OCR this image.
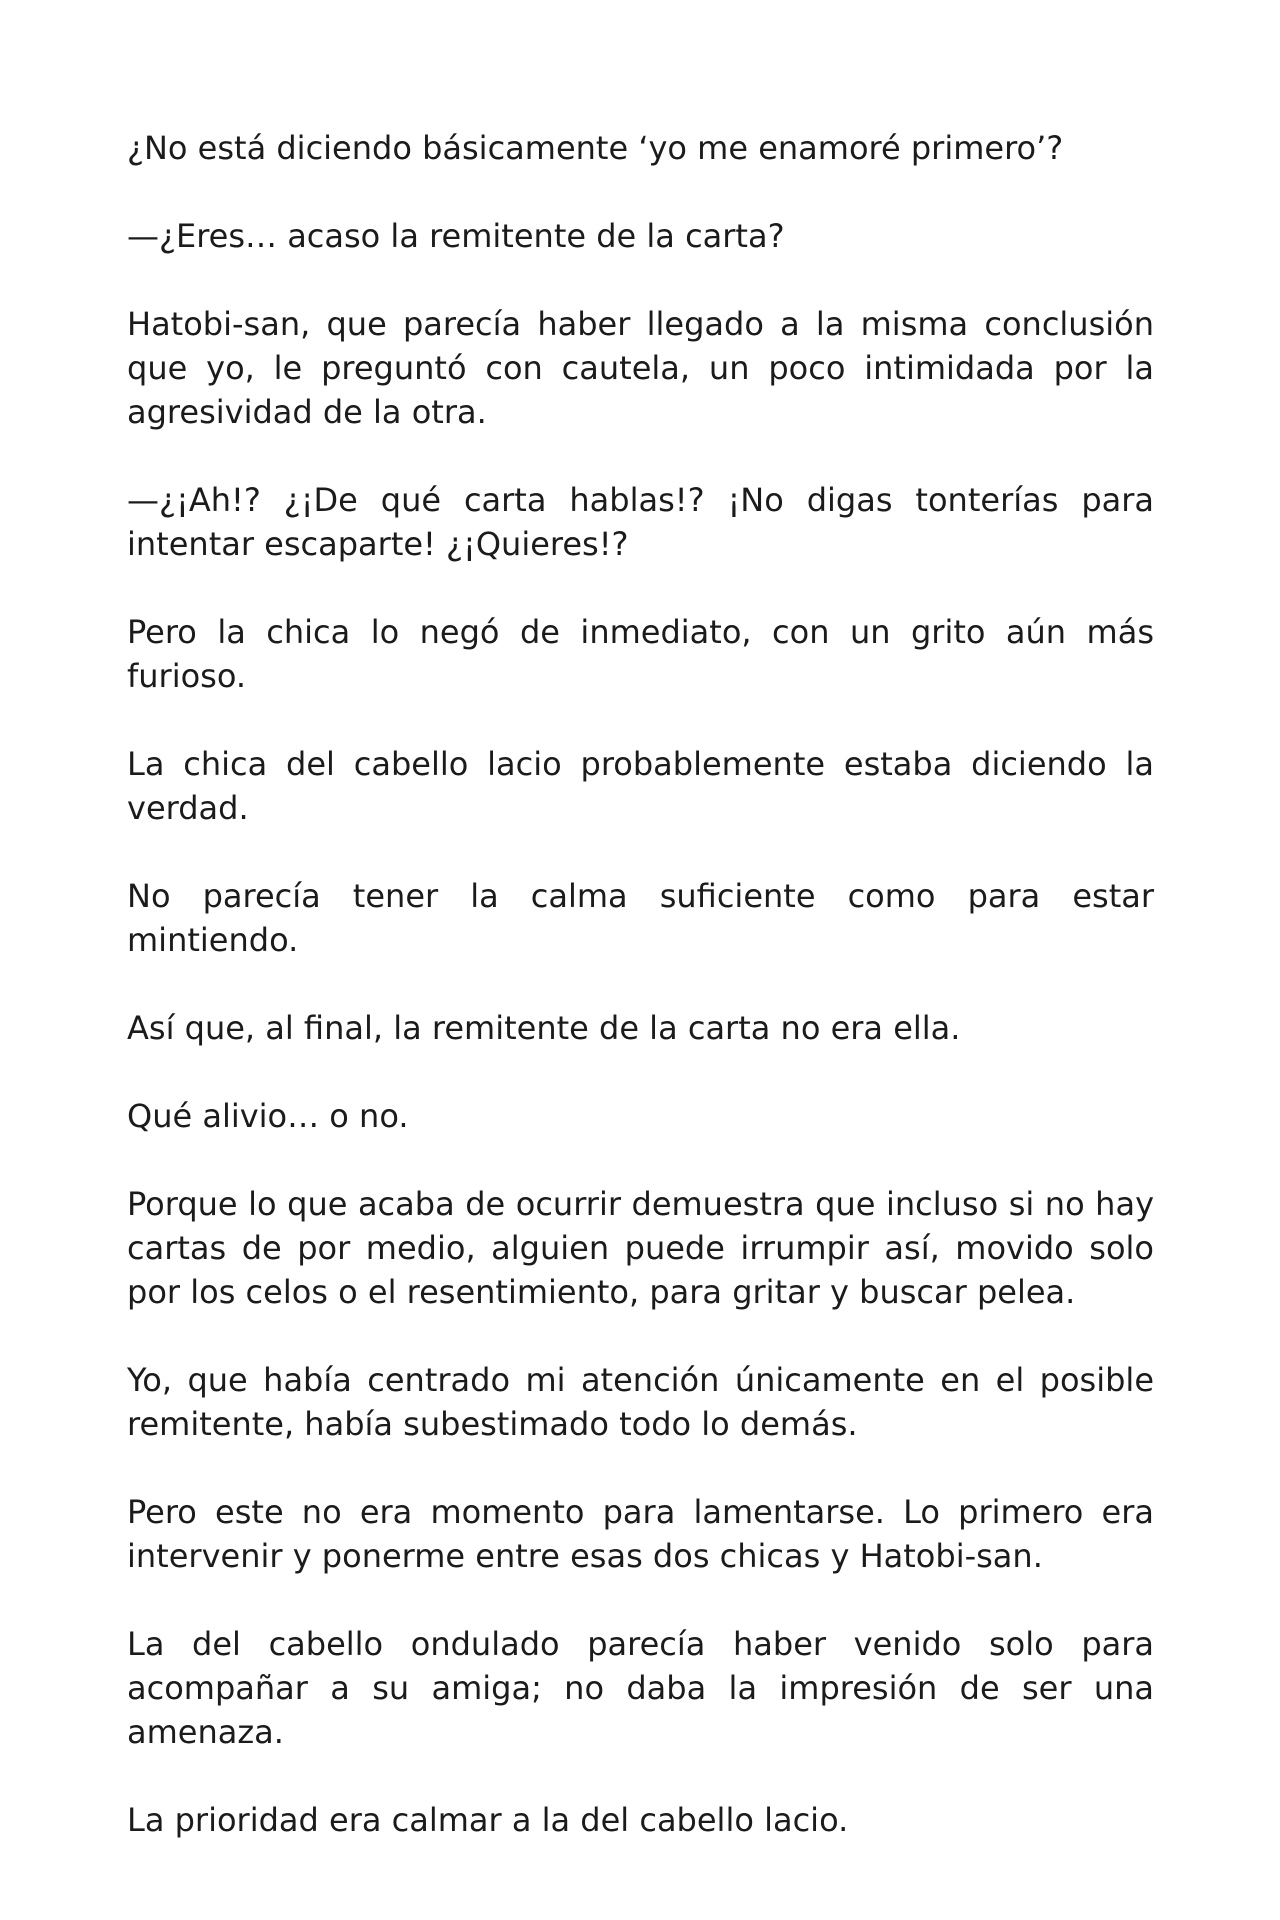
¿No está diciendo básicamente ‘yo me enamoré primero’?

—¿Eres… acaso la remitente de la carta?

Hatobi-san, que parecía haber llegado a la misma conclusión que yo, le preguntó con cautela, un poco intimidada por la agresividad de la otra.

—¿¡Ah!? ¿¡De qué carta hablas!? ¡No digas tonterías para intentar escaparte! ¿¡Quieres!?

Pero la chica lo negó de inmediato, con un grito aún más furioso.

La chica del cabello lacio probablemente estaba diciendo la verdad.

No parecía tener la calma suficiente como para estar mintiendo.

Así que, al final, la remitente de la carta no era ella.

Qué alivio… o no.

Porque lo que acaba de ocurrir demuestra que incluso si no hay cartas de por medio, alguien puede irrumpir así, movido solo por los celos o el resentimiento, para gritar y buscar pelea.

Yo, que había centrado mi atención únicamente en el posible remitente, había subestimado todo lo demás.

Pero este no era momento para lamentarse. Lo primero era intervenir y ponerme entre esas dos chicas y Hatobi-san.

La del cabello ondulado parecía haber venido solo para acompañar a su amiga; no daba la impresión de ser una amenaza.

La prioridad era calmar a la del cabello lacio.
